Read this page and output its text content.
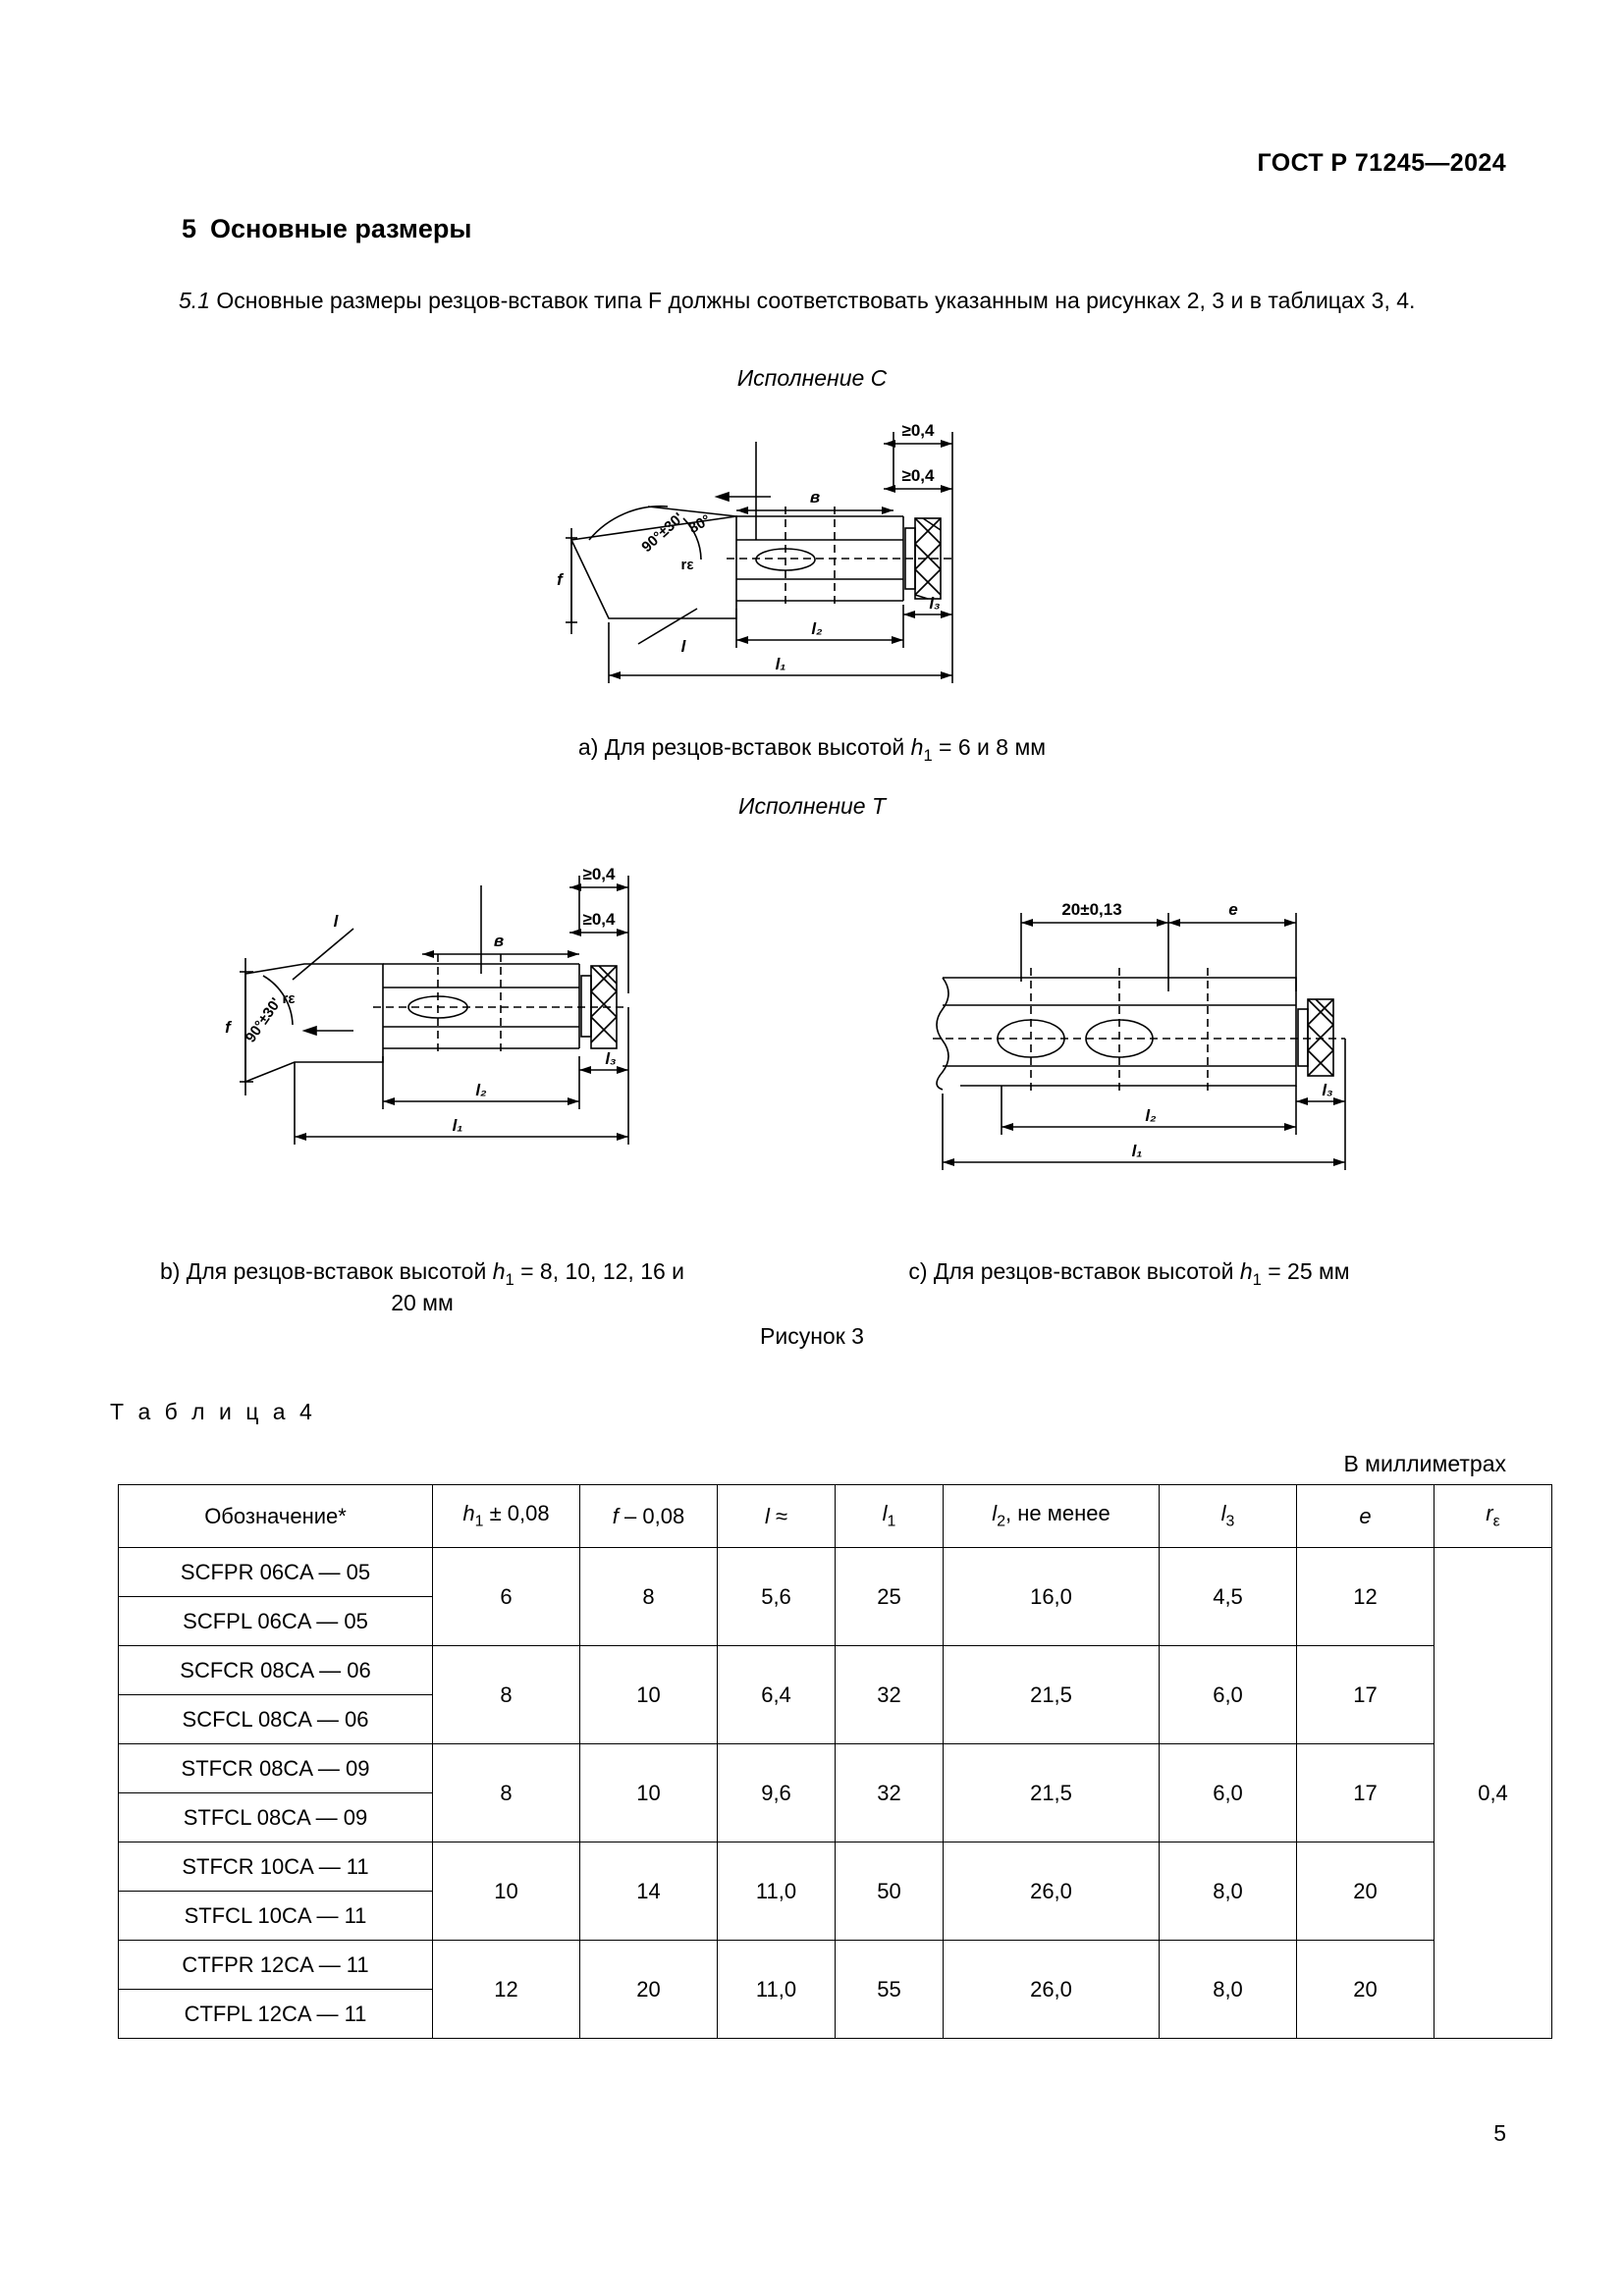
ГОСТ Р 71245—2024
5 Основные размеры
5.1 Основные размеры резцов-вставок типа F должны соответствовать указанным на рисунках 2, 3 и в таблицах 3, 4.
Исполнение С
≥0,4
≥0,4
в
l₂
l₁
l₃
l
f
90°±30'
80°
rε
а) Для резцов-вставок высотой $h_1 = 6$ и 8 мм
Исполнение Т
≥0,4
≥0,4
в
l₂
l₁
l₃
l
f 90°±30'
rε
20±0,13	е
l₂
l₁
l₃
b) Для резцов-вставок высотой $h_1 = 8$, 10, 12, 16 и
20 мм
c) Для резцов-вставок высотой $h_1 = 25$ мм
Рисунок 3
Т а б л и ц а 4
В миллиметрах
Обозначение*	$h_1 \pm 0,08$	f – 0,08	l ≈	$l_1$	$l_2$, не менее	$l_3$	e	$r_\varepsilon$
SCFPR 06CA — 05	6	8	5,6	25	16,0	4,5	12	0,4
SCFPL 06CA — 05								
SCFCR 08CA — 06	8	10	6,4	32	21,5	6,0	17	
SCFCL 08CA — 06								
STFCR 08CA — 09	8	10	9,6	32	21,5	6,0	17	
STFCL 08CA — 09								
STFCR 10CA — 11	10	14	11,0	50	26,0	8,0	20	
STFCL 10CA — 11								
CTFPR 12CA — 11	12	20	11,0	55	26,0	8,0	20	
CTFPL 12CA — 11								
5
